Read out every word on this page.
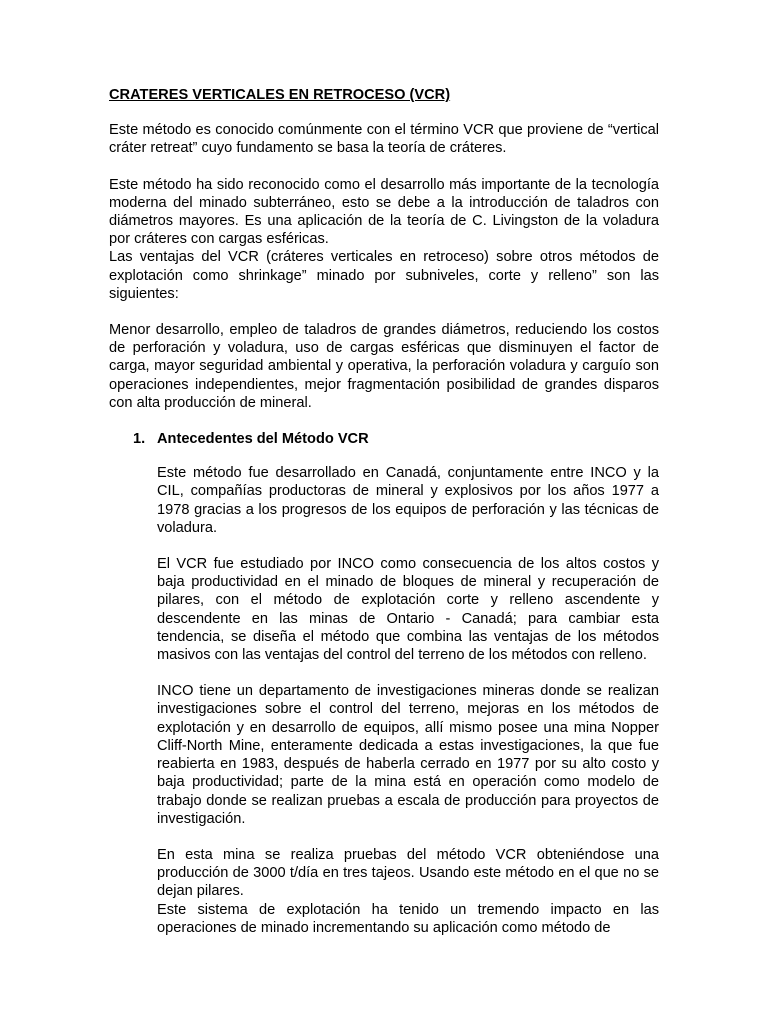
CRATERES VERTICALES EN RETROCESO (VCR)

Este método es conocido comúnmente con el término VCR que proviene de “vertical cráter retreat” cuyo fundamento se basa la teoría de cráteres.

Este método ha sido reconocido como el desarrollo más importante de la tecnología moderna del minado subterráneo, esto se debe a la introducción de taladros con diámetros mayores. Es una aplicación de la teoría de C. Livingston de la voladura por cráteres con cargas esféricas.

Las ventajas del VCR (cráteres verticales en retroceso) sobre otros métodos de explotación como shrinkage” minado por subniveles, corte y relleno” son las siguientes:

Menor desarrollo, empleo de taladros de grandes diámetros, reduciendo los costos de perforación y voladura, uso de cargas esféricas que disminuyen el factor de carga, mayor seguridad ambiental y operativa, la perforación voladura y carguío son operaciones independientes, mejor fragmentación posibilidad de grandes disparos con alta producción de mineral.

1. Antecedentes del Método VCR

Este método fue desarrollado en Canadá, conjuntamente entre INCO y la CIL, compañías productoras de mineral y explosivos por los años 1977 a 1978 gracias a los progresos de los equipos de perforación y las técnicas de voladura.

El VCR fue estudiado por INCO como consecuencia de los altos costos y baja productividad en el minado de bloques de mineral y recuperación de pilares, con el método de explotación corte y relleno ascendente y descendente en las minas de Ontario - Canadá; para cambiar esta tendencia, se diseña el método que combina las ventajas de los métodos masivos con las ventajas del control del terreno de los métodos con relleno.

INCO tiene un departamento de investigaciones mineras donde se realizan investigaciones sobre el control del terreno, mejoras en los métodos de explotación y en desarrollo de equipos, allí mismo posee una mina Nopper Cliff-North Mine, enteramente dedicada a estas investigaciones, la que fue reabierta en 1983, después de haberla cerrado en 1977 por su alto costo y baja productividad; parte de la mina está en operación como modelo de trabajo donde se realizan pruebas a escala de producción para proyectos de investigación.

En esta mina se realiza pruebas del método VCR obteniéndose una producción de 3000 t/día en tres tajeos. Usando este método en el que no se dejan pilares.

Este sistema de explotación ha tenido un tremendo impacto en las operaciones de minado incrementando su aplicación como método de
